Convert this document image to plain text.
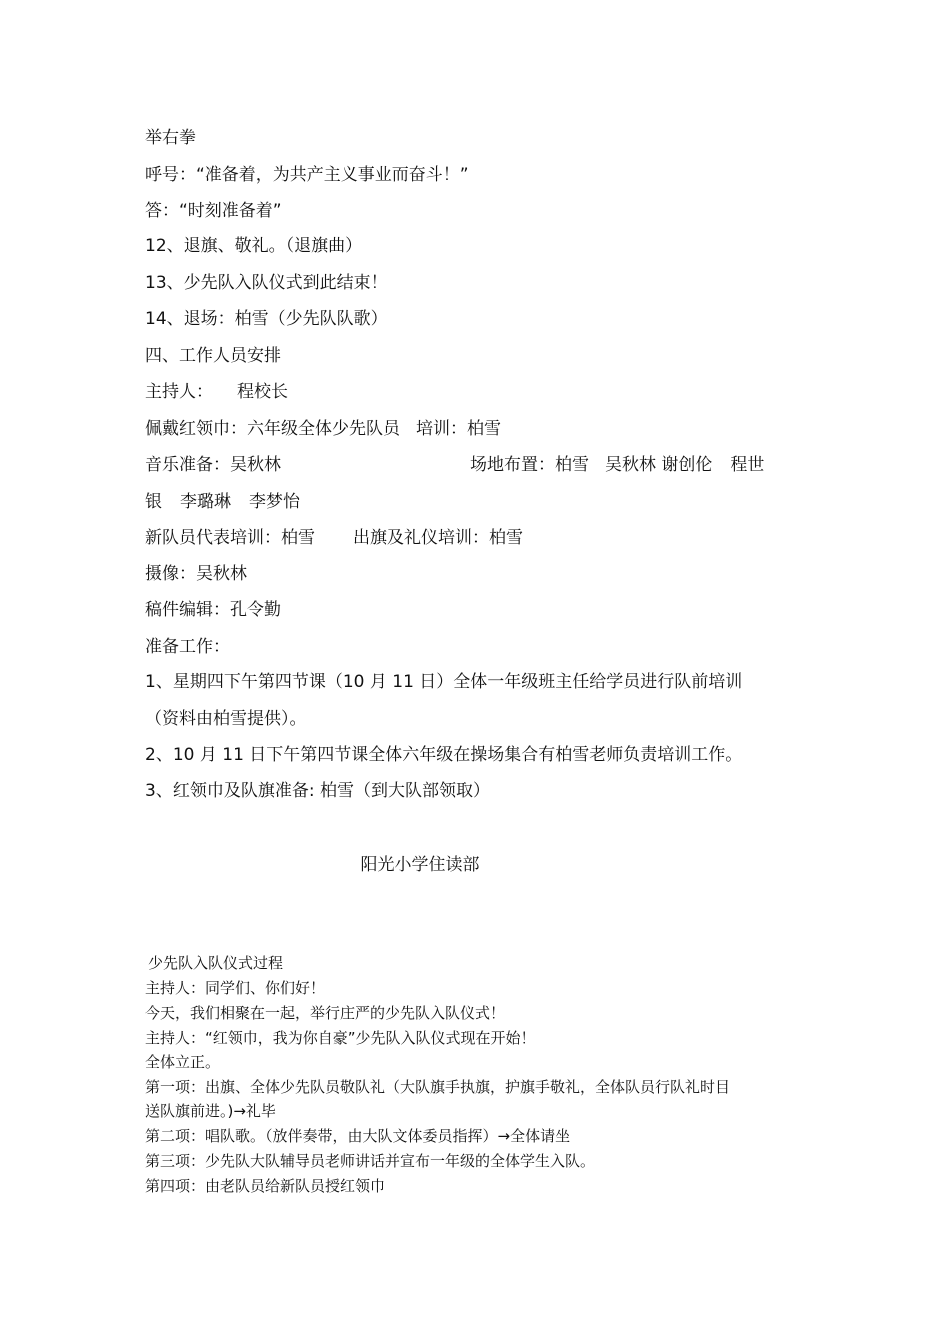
举右拳
呼号：“准备着，为共产主义事业而奋斗！”
答：“时刻准备着”
12、退旗、敬礼。（退旗曲）
13、少先队入队仪式到此结束！
14、退场：柏雪（少先队队歌）
四、工作人员安排
主持人： 程校长
佩戴红领巾：六年级全体少先队员 培训：柏雪
音乐准备：吴秋林	场地布置：柏雪 吴秋林 谢创伦 程世
银 李璐琳 李梦怡
新队员代表培训：柏雪 出旗及礼仪培训：柏雪
摄像：吴秋林
稿件编辑：孔令勤
准备工作：
1、星期四下午第四节课（10 月 11 日）全体一年级班主任给学员进行队前培训
（资料由柏雪提供）。
2、10 月 11 日下午第四节课全体六年级在操场集合有柏雪老师负责培训工作。
3、红领巾及队旗准备: 柏雪（到大队部领取）
阳光小学住读部
少先队入队仪式过程
主持人：同学们、你们好！
今天，我们相聚在一起，举行庄严的少先队入队仪式！
主持人：“红领巾，我为你自豪”少先队入队仪式现在开始！
全体立正。
第一项：出旗、全体少先队员敬队礼（大队旗手执旗，护旗手敬礼，全体队员行队礼时目
送队旗前进。)→礼毕
第二项：唱队歌。（放伴奏带，由大队文体委员指挥）→全体请坐
第三项：少先队大队辅导员老师讲话并宣布一年级的全体学生入队。
第四项：由老队员给新队员授红领巾
